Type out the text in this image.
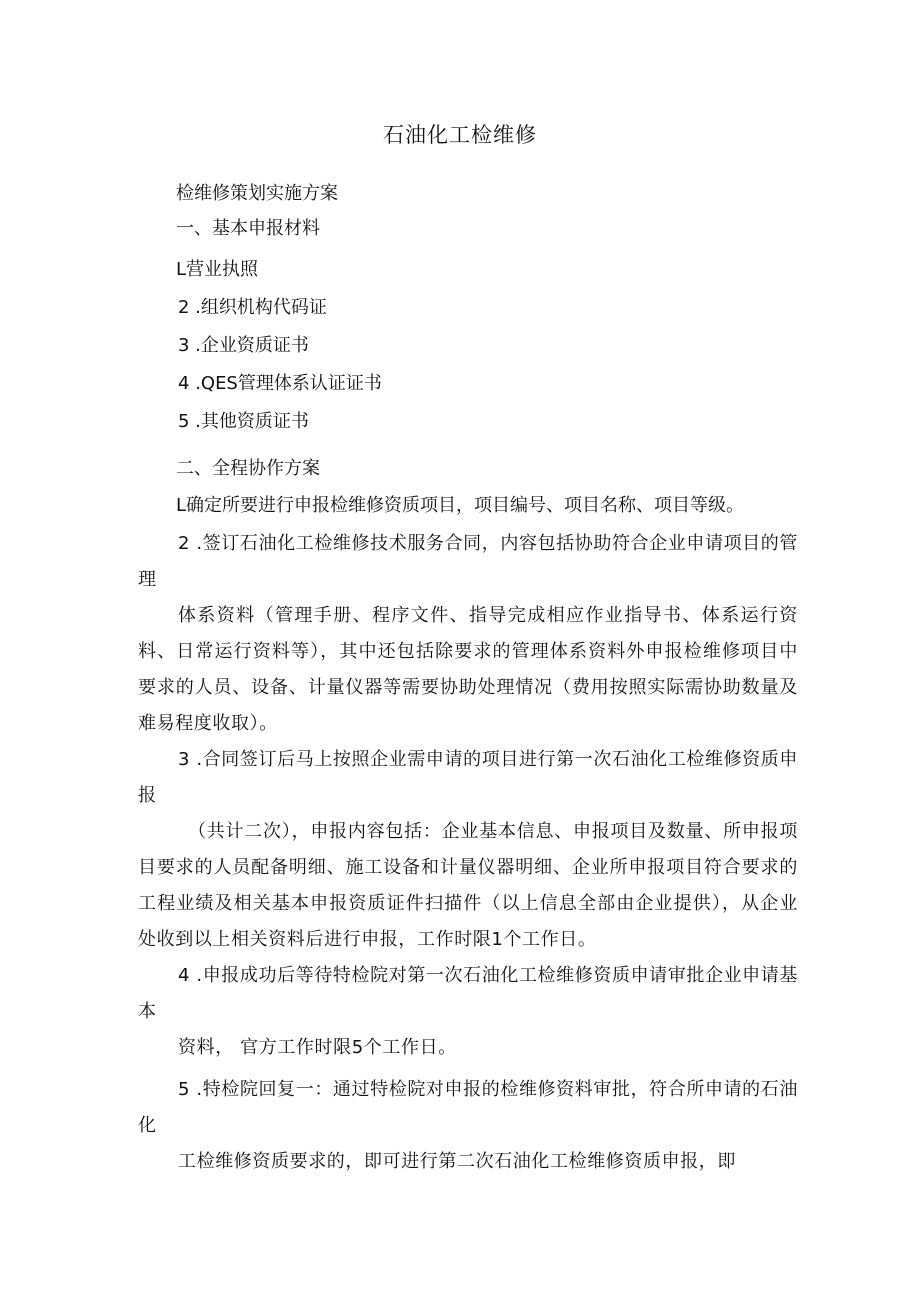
石油化工检维修
检维修策划实施方案
一、基本申报材料
L营业执照
2 .组织机构代码证
3 .企业资质证书
4 .QES管理体系认证证书
5 .其他资质证书
二、全程协作方案
L确定所要进行申报检维修资质项目，项目编号、项目名称、项目等级。
2 .签订石油化工检维修技术服务合同，内容包括协助符合企业申请项目的管理
体系资料（管理手册、程序文件、指导完成相应作业指导书、体系运行资料、日常运行资料等），其中还包括除要求的管理体系资料外申报检维修项目中要求的人员、设备、计量仪器等需要协助处理情况（费用按照实际需协助数量及难易程度收取）。
3 .合同签订后马上按照企业需申请的项目进行第一次石油化工检维修资质申报
（共计二次），申报内容包括：企业基本信息、申报项目及数量、所申报项目要求的人员配备明细、施工设备和计量仪器明细、企业所申报项目符合要求的工程业绩及相关基本申报资质证件扫描件（以上信息全部由企业提供），从企业处收到以上相关资料后进行申报，工作时限1个工作日。
4 .申报成功后等待特检院对第一次石油化工检维修资质申请审批企业申请基本
资料， 官方工作时限5个工作日。
5 .特检院回复一：通过特检院对申报的检维修资料审批，符合所申请的石油化
工检维修资质要求的，即可进行第二次石油化工检维修资质申报，即
